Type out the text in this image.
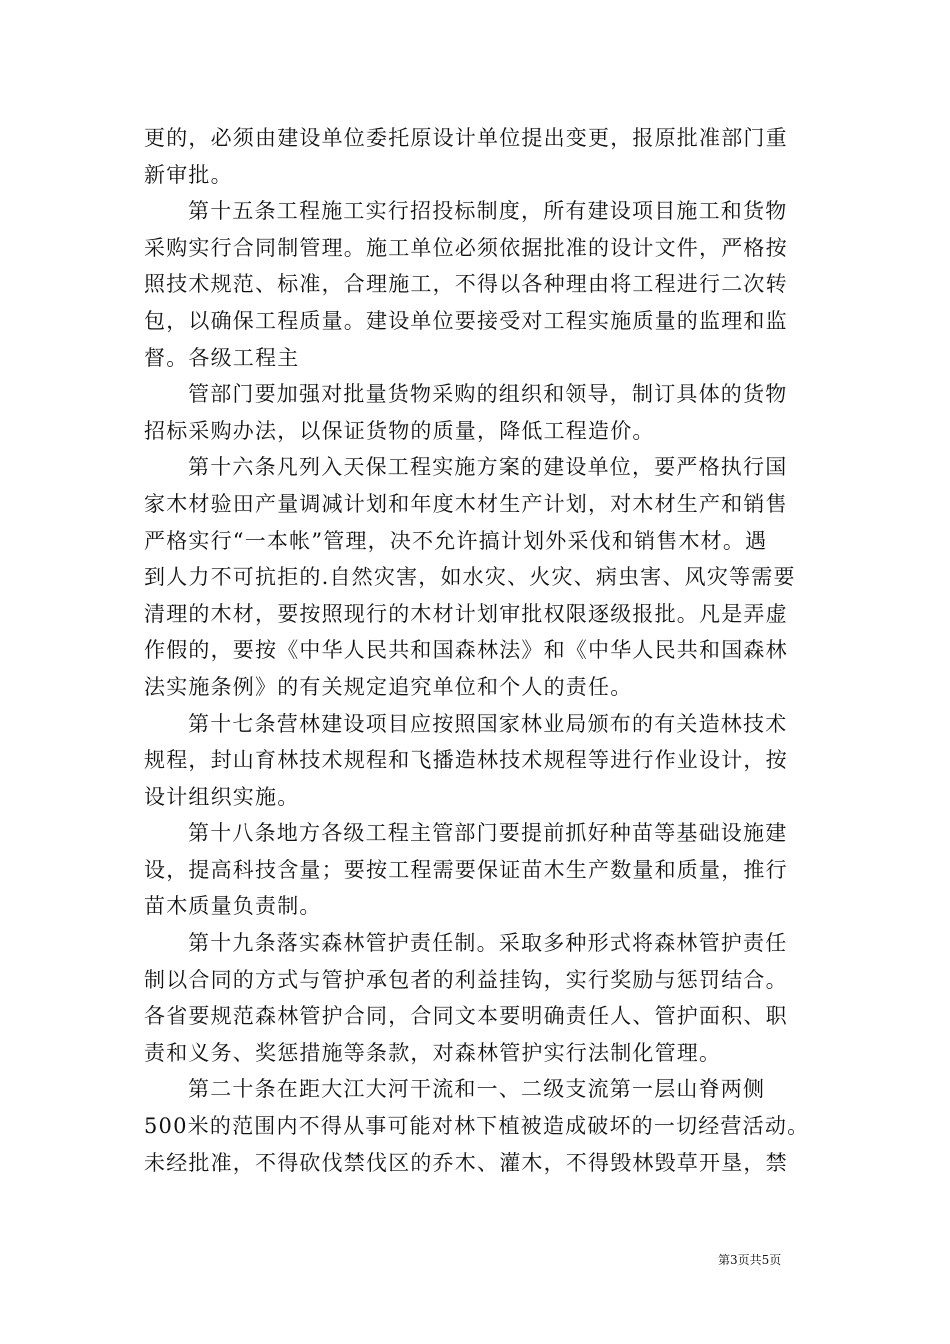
更的，必须由建设单位委托原设计单位提出变更，报原批准部门重
新审批。
第十五条工程施工实行招投标制度，所有建设项目施工和货物
采购实行合同制管理。施工单位必须依据批准的设计文件，严格按
照技术规范、标准，合理施工，不得以各种理由将工程进行二次转
包，以确保工程质量。建设单位要接受对工程实施质量的监理和监
督。各级工程主
管部门要加强对批量货物采购的组织和领导，制订具体的货物
招标采购办法，以保证货物的质量，降低工程造价。
第十六条凡列入天保工程实施方案的建设单位，要严格执行国
家木材验田产量调减计划和年度木材生产计划，对木材生产和销售
严格实行“一本帐”管理，决不允许搞计划外采伐和销售木材。遇
到人力不可抗拒的.自然灾害，如水灾、火灾、病虫害、风灾等需要
清理的木材，要按照现行的木材计划审批权限逐级报批。凡是弄虚
作假的，要按《中华人民共和国森林法》和《中华人民共和国森林
法实施条例》的有关规定追究单位和个人的责任。
第十七条营林建设项目应按照国家林业局颁布的有关造林技术
规程，封山育林技术规程和飞播造林技术规程等进行作业设计，按
设计组织实施。
第十八条地方各级工程主管部门要提前抓好种苗等基础设施建
设，提高科技含量；要按工程需要保证苗木生产数量和质量，推行
苗木质量负责制。
第十九条落实森林管护责任制。采取多种形式将森林管护责任
制以合同的方式与管护承包者的利益挂钩，实行奖励与惩罚结合。
各省要规范森林管护合同，合同文本要明确责任人、管护面积、职
责和义务、奖惩措施等条款，对森林管护实行法制化管理。
第二十条在距大江大河干流和一、二级支流第一层山脊两侧
500米的范围内不得从事可能对林下植被造成破坏的一切经营活动。
未经批准，不得砍伐禁伐区的乔木、灌木，不得毁林毁草开垦，禁
第3页共5页
